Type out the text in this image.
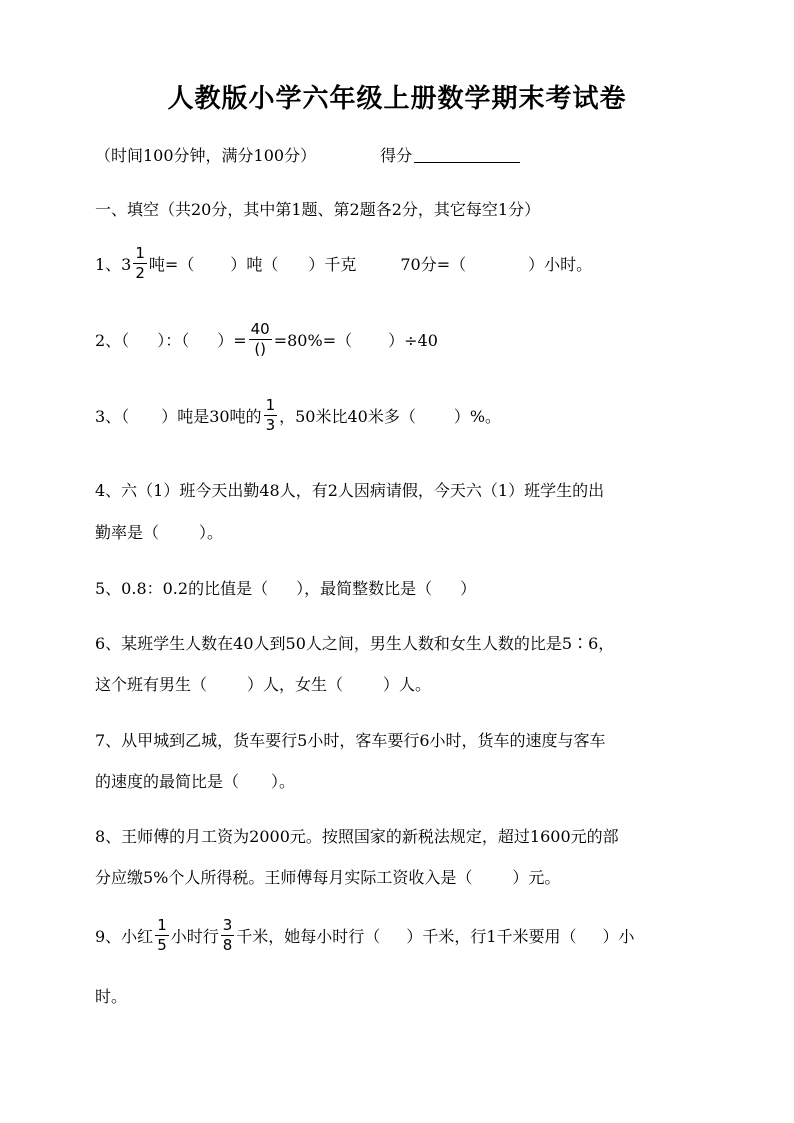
人教版小学六年级上册数学期末考试卷
（时间100分钟，满分100分）	得分
一、填空（共20分，其中第1题、第2题各2分，其它每空1分）
1、$3 \frac{1}{2}$ 吨=（ ）吨（ ）千克	70分=（	）小时。
2、（ ）：（ ）= $\frac{40}{()} =80\%=$（ ）÷40
3、（ ）吨是30吨的 $\frac{1}{3}$ ，50米比40米多（ ）%。
4、六（1）班今天出勤48人，有2人因病请假，今天六（1）班学生的出
勤率是（	）。
5、0.8：0.2的比值是（ ），最简整数比是（ ）
6、某班学生人数在40人到50人之间，男生人数和女生人数的比是5∶6，
这个班有男生（	）人，女生（	）人。
7、从甲城到乙城，货车要行5小时，客车要行6小时，货车的速度与客车
的速度的最简比是（ ）。
8、王师傅的月工资为2000元。按照国家的新税法规定，超过1600元的部
分应缴5%个人所得税。王师傅每月实际工资收入是（	）元。
9、小红 $\frac{1}{5}$ 小时行 $\frac{3}{8}$ 千米，她每小时行（ ）千米，行1千米要用（ ）小
时。
